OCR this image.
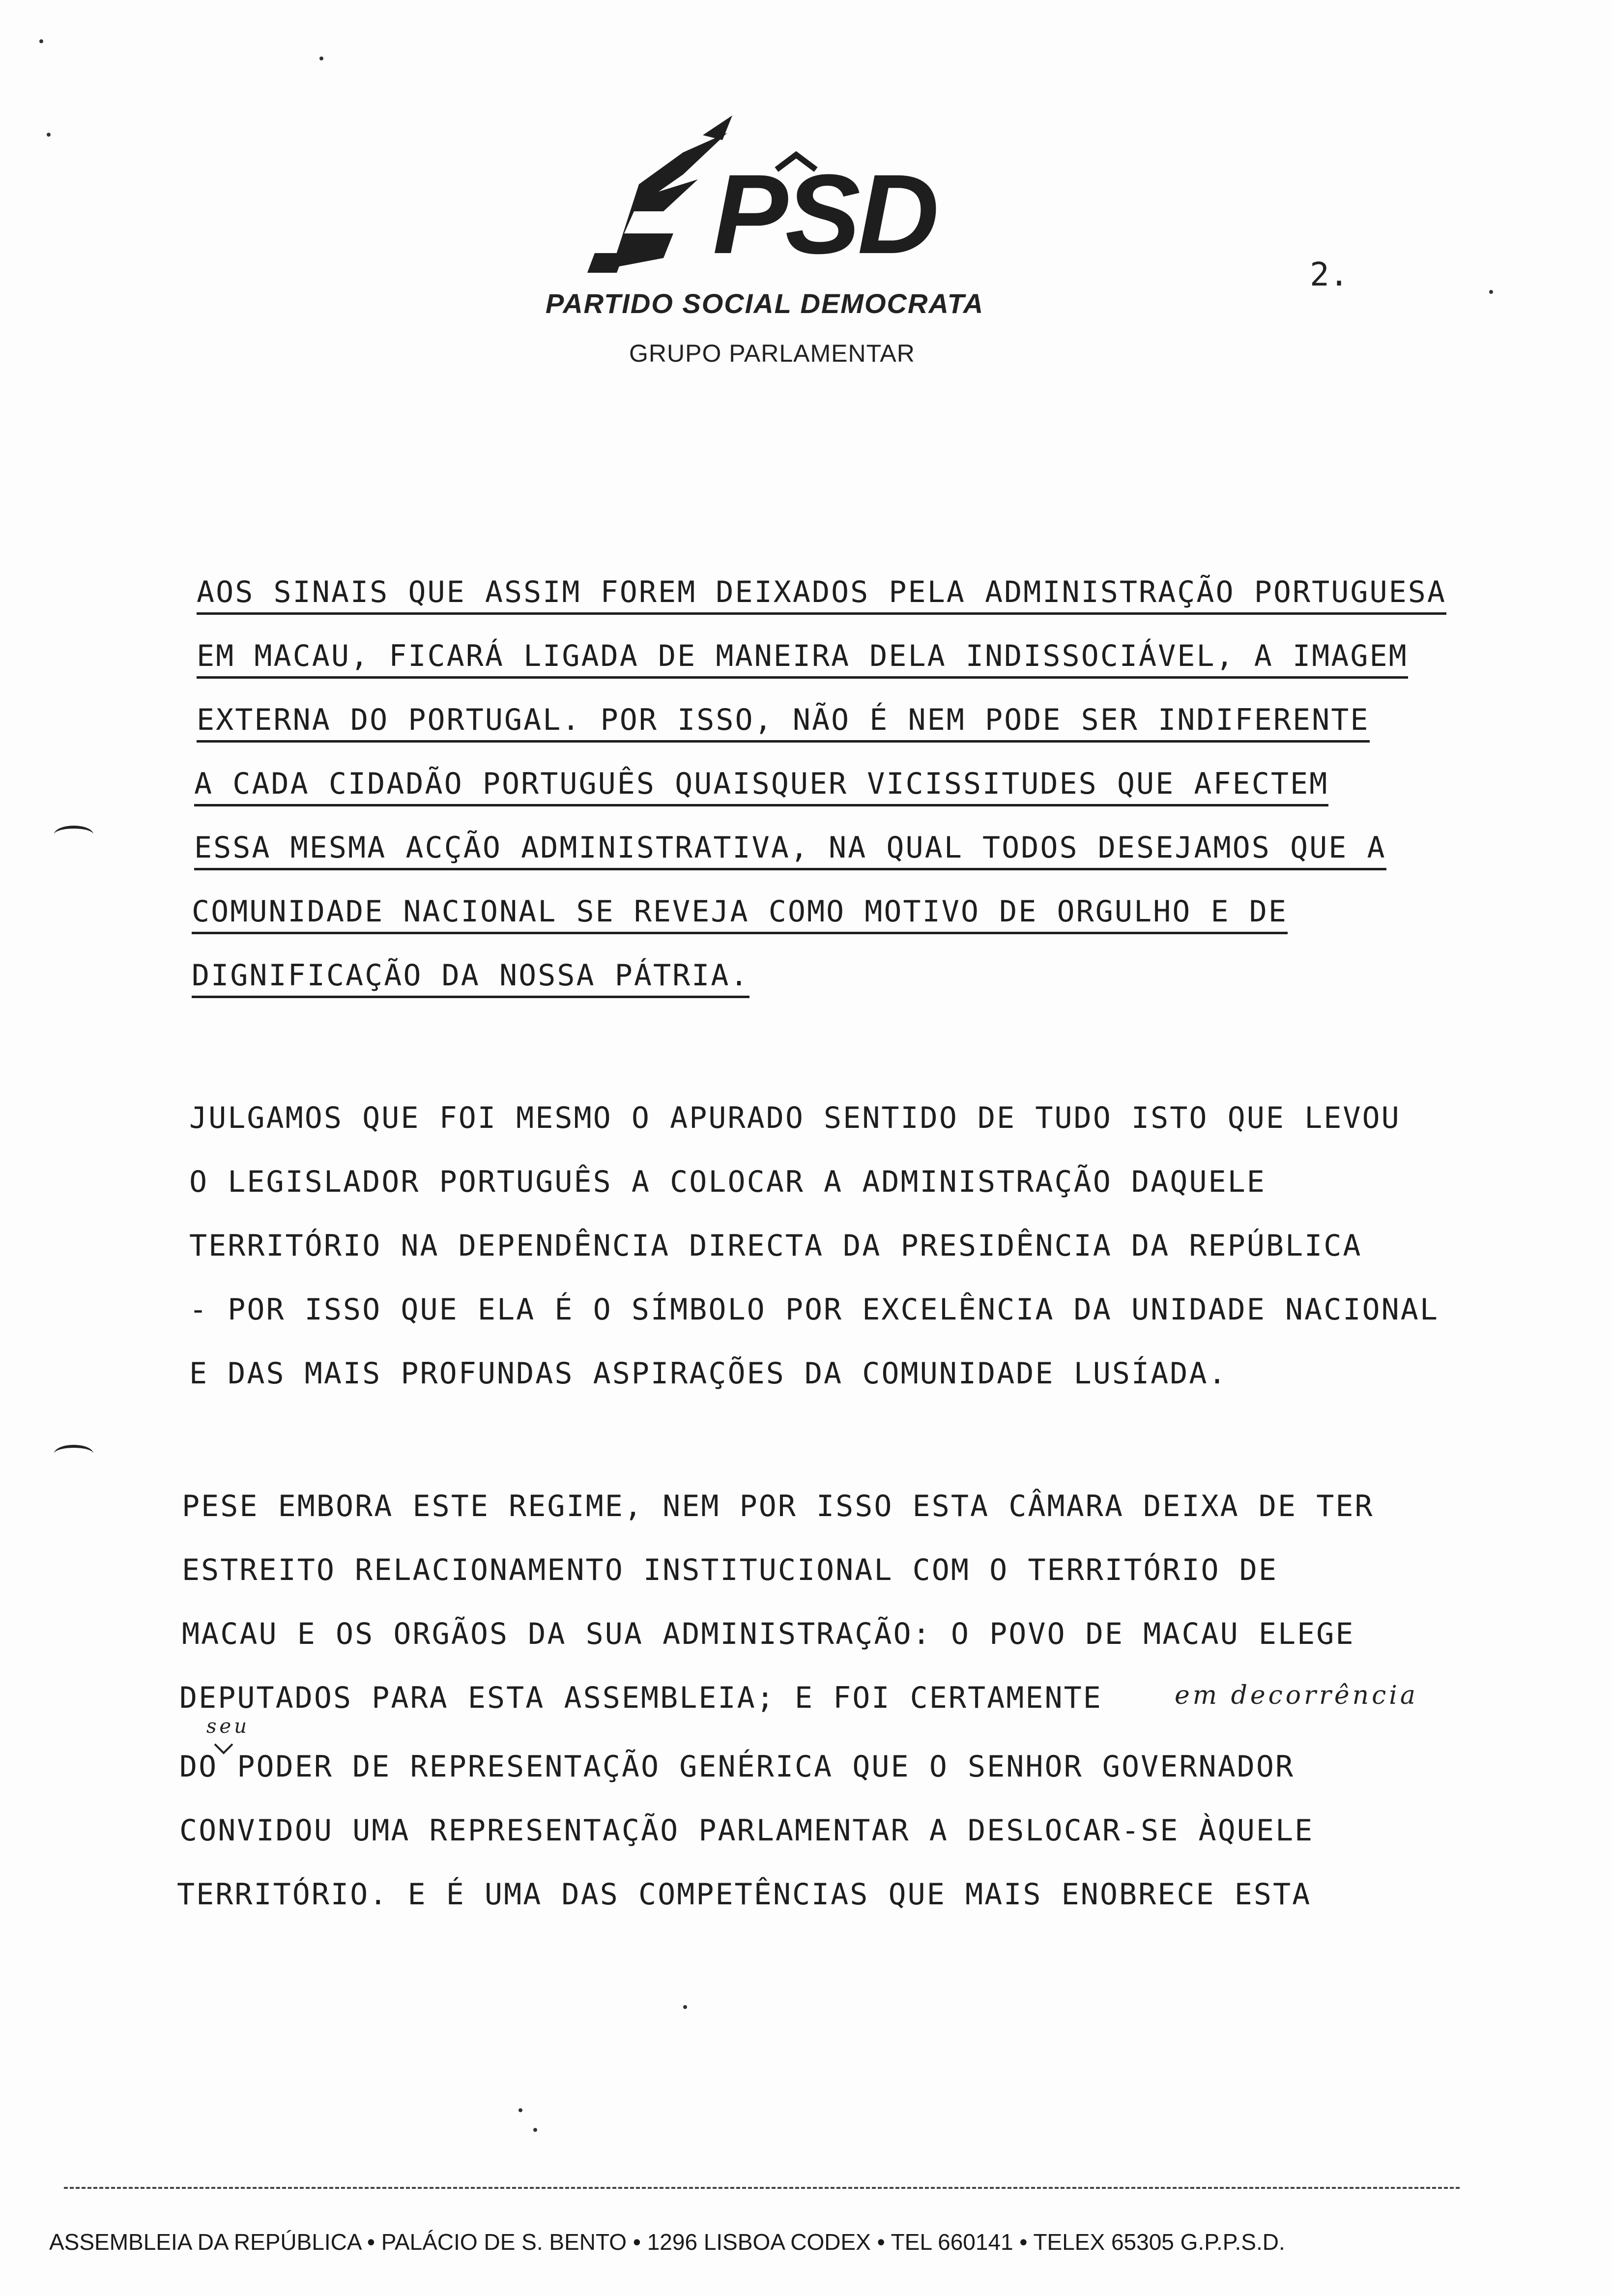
PSD
PARTIDO SOCIAL DEMOCRATA
GRUPO PARLAMENTAR
2.
AOS SINAIS QUE ASSIM FOREM DEIXADOS PELA ADMINISTRAÇÃO PORTUGUESA
EM MACAU, FICARÁ LIGADA DE MANEIRA DELA INDISSOCIÁVEL, A IMAGEM
EXTERNA DO PORTUGAL. POR ISSO, NÃO É NEM PODE SER INDIFERENTE
A CADA CIDADÃO PORTUGUÊS QUAISQUER VICISSITUDES QUE AFECTEM
ESSA MESMA ACÇÃO ADMINISTRATIVA, NA QUAL TODOS DESEJAMOS QUE A
COMUNIDADE NACIONAL SE REVEJA COMO MOTIVO DE ORGULHO E DE
DIGNIFICAÇÃO DA NOSSA PÁTRIA.
JULGAMOS QUE FOI MESMO O APURADO SENTIDO DE TUDO ISTO QUE LEVOU
O LEGISLADOR PORTUGUÊS A COLOCAR A ADMINISTRAÇÃO DAQUELE
TERRITÓRIO NA DEPENDÊNCIA DIRECTA DA PRESIDÊNCIA DA REPÚBLICA
- POR ISSO QUE ELA É O SÍMBOLO POR EXCELÊNCIA DA UNIDADE NACIONAL
E DAS MAIS PROFUNDAS ASPIRAÇÕES DA COMUNIDADE LUSÍADA.
PESE EMBORA ESTE REGIME, NEM POR ISSO ESTA CÂMARA DEIXA DE TER
ESTREITO RELACIONAMENTO INSTITUCIONAL COM O TERRITÓRIO DE
MACAU E OS ORGÃOS DA SUA ADMINISTRAÇÃO: O POVO DE MACAU ELEGE
DEPUTADOS PARA ESTA ASSEMBLEIA; E FOI CERTAMENTE
DO PODER DE REPRESENTAÇÃO GENÉRICA QUE O SENHOR GOVERNADOR
CONVIDOU UMA REPRESENTAÇÃO PARLAMENTAR A DESLOCAR-SE ÀQUELE
TERRITÓRIO. E É UMA DAS COMPETÊNCIAS QUE MAIS ENOBRECE ESTA
em decorrência
seu
ASSEMBLEIA DA REPÚBLICA • PALÁCIO DE S. BENTO • 1296 LISBOA CODEX • TEL 660141 • TELEX 65305 G.P.P.S.D.
